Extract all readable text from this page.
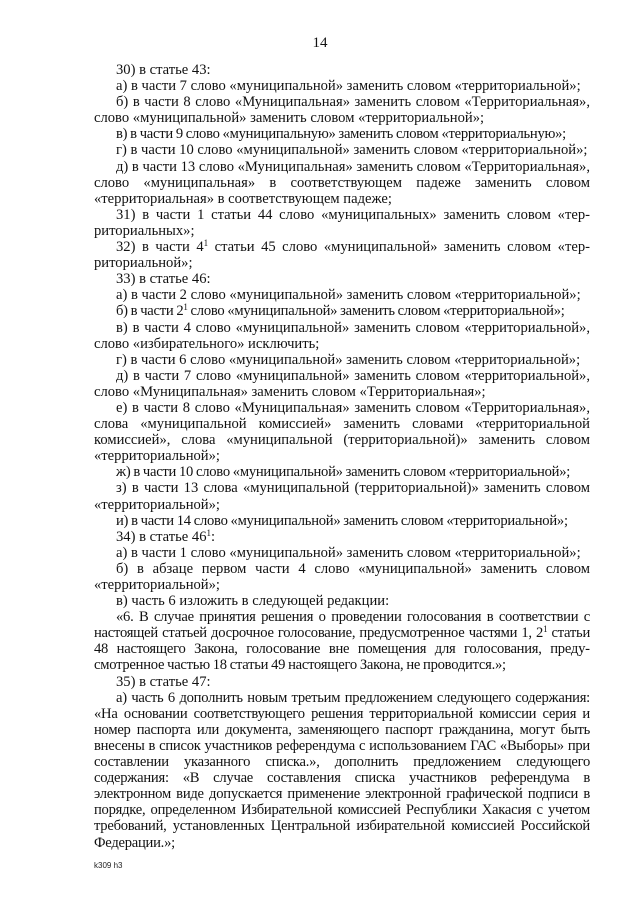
14

30) в статье 43:

а) в части 7 слово «муниципальной» заменить словом «территориальной»;

б) в части 8 слово «Муниципальная» заменить словом «Территориальная», слово «муниципальной» заменить словом «территориальной»;

в) в части 9 слово «муниципальную» заменить словом «территориальную»;

г) в части 10 слово «муниципальной» заменить словом «территориальной»;

д) в части 13 слово «Муниципальная» заменить словом «Территориальная», слово «муниципальная» в соответствующем падеже заменить словом «территориальная» в соответствующем падеже;

31) в части 1 статьи 44 слово «муниципальных» заменить словом «территориальных»;

32) в части $4^1$ статьи 45 слово «муниципальной» заменить словом «территориальной»;

33) в статье 46:

а) в части 2 слово «муниципальной» заменить словом «территориальной»;

б) в части $2^1$ слово «муниципальной» заменить словом «территориальной»;

в) в части 4 слово «муниципальной» заменить словом «территориальной», слово «избирательного» исключить;

г) в части 6 слово «муниципальной» заменить словом «территориальной»;

д) в части 7 слово «муниципальной» заменить словом «территориальной», слово «Муниципальная» заменить словом «Территориальная»;

е) в части 8 слово «Муниципальная» заменить словом «Территориальная», слова «муниципальной комиссией» заменить словами «территориальной комиссией», слова «муниципальной (территориальной)» заменить словом «территориальной»;

ж) в части 10 слово «муниципальной» заменить словом «территориальной»;

з) в части 13 слова «муниципальной (территориальной)» заменить словом «территориальной»;

и) в части 14 слово «муниципальной» заменить словом «территориальной»;

34) в статье $46^1$:

а) в части 1 слово «муниципальной» заменить словом «территориальной»;

б) в абзаце первом части 4 слово «муниципальной» заменить словом «территориальной»;

в) часть 6 изложить в следующей редакции:

«6. В случае принятия решения о проведении голосования в соответствии с настоящей статьей досрочное голосование, предусмотренное частями 1, $2^1$ статьи 48 настоящего Закона, голосование вне помещения для голосования, предусмотренное частью 18 статьи 49 настоящего Закона, не проводится.»;

35) в статье 47:

а) часть 6 дополнить новым третьим предложением следующего содержания: «На основании соответствующего решения территориальной комиссии серия и номер паспорта или документа, заменяющего паспорт гражданина, могут быть внесены в список участников референдума с использованием ГАС «Выборы» при составлении указанного списка.», дополнить предложением следующего содержания: «В случае составления списка участников референдума в электронном виде допускается применение электронной графической подписи в порядке, определенном Избирательной комиссией Республики Хакасия с учетом требований, установленных Центральной избирательной комиссией Российской Федерации.»;

k309 h3
